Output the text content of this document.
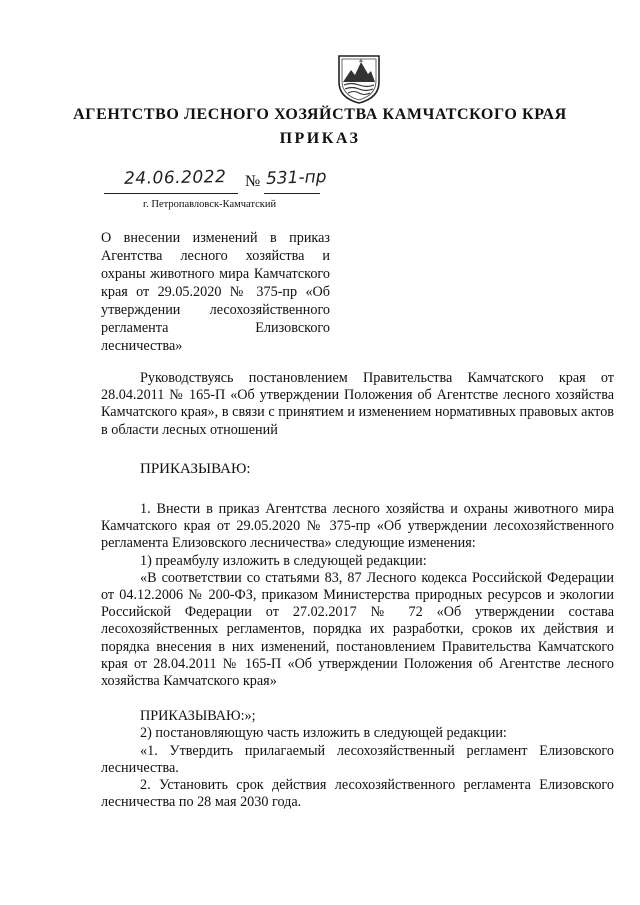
АГЕНТСТВО ЛЕСНОГО ХОЗЯЙСТВА КАМЧАТСКОГО КРАЯ
ПРИКАЗ
24.06.2022 № 531-пр
г. Петропавловск-Камчатский
О внесении изменений в приказ Агентства лесного хозяйства и охраны животного мира Камчатского края от 29.05.2020 № 375-пр «Об утверждении лесохозяйственного регламента Елизовского лесничества»

Руководствуясь постановлением Правительства Камчатского края от 28.04.2011 № 165-П «Об утверждении Положения об Агентстве лесного хозяйства Камчатского края», в связи с принятием и изменением нормативных правовых актов в области лесных отношений

ПРИКАЗЫВАЮ:

1. Внести в приказ Агентства лесного хозяйства и охраны животного мира Камчатского края от 29.05.2020 № 375-пр «Об утверждении лесохозяйственного регламента Елизовского лесничества» следующие изменения:

1) преамбулу изложить в следующей редакции:

«В соответствии со статьями 83, 87 Лесного кодекса Российской Федерации от 04.12.2006 № 200-ФЗ, приказом Министерства природных ресурсов и экологии Российской Федерации от 27.02.2017 № 72 «Об утверждении состава лесохозяйственных регламентов, порядка их разработки, сроков их действия и порядка внесения в них изменений, постановлением Правительства Камчатского края от 28.04.2011 № 165-П «Об утверждении Положения об Агентстве лесного хозяйства Камчатского края»

ПРИКАЗЫВАЮ:»;

2) постановляющую часть изложить в следующей редакции:

«1. Утвердить прилагаемый лесохозяйственный регламент Елизовского лесничества.

2. Установить срок действия лесохозяйственного регламента Елизовского лесничества по 28 мая 2030 года.
